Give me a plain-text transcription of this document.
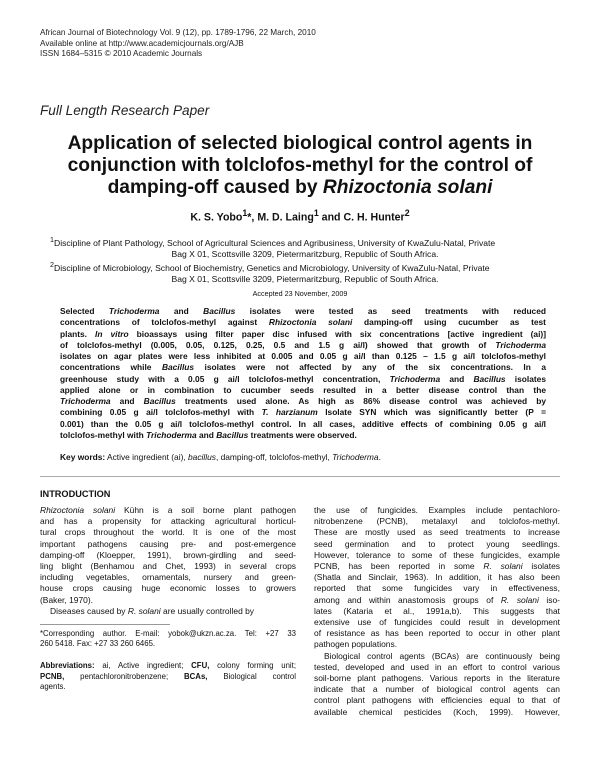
African Journal of Biotechnology Vol. 9 (12), pp. 1789-1796, 22 March, 2010
Available online at http://www.academicjournals.org/AJB
ISSN 1684–5315 © 2010 Academic Journals
Full Length Research Paper
Application of selected biological control agents in
conjunction with tolclofos-methyl for the control of
damping-off caused by Rhizoctonia solani
K. S. Yobo$^1$*, M. D. Laing$^1$ and C. H. Hunter$^2$
$^1$Discipline of Plant Pathology, School of Agricultural Sciences and Agribusiness, University of KwaZulu-Natal, Private
Bag X 01, Scottsville 3209, Pietermaritzburg, Republic of South Africa.
$^2$Discipline of Microbiology, School of Biochemistry, Genetics and Microbiology, University of KwaZulu-Natal, Private
Bag X 01, Scottsville 3209, Pietermaritzburg, Republic of South Africa.
Accepted 23 November, 2009
Selected Trichoderma and Bacillus isolates were tested as seed treatments with reduced
concentrations of tolclofos-methyl against Rhizoctonia solani damping-off using cucumber as test
plants. In vitro bioassays using filter paper disc infused with six concentrations [active ingredient (ai)]
of tolclofos-methyl (0.005, 0.05, 0.125, 0.25, 0.5 and 1.5 g ai/l) showed that growth of Trichoderma
isolates on agar plates were less inhibited at 0.005 and 0.05 g ai/l than 0.125 – 1.5 g ai/l tolclofos-methyl
concentrations while Bacillus isolates were not affected by any of the six concentrations. In a
greenhouse study with a 0.05 g ai/l tolclofos-methyl concentration, Trichoderma and Bacillus isolates
applied alone or in combination to cucumber seeds resulted in a better disease control than the
Trichoderma and Bacillus treatments used alone. As high as 86% disease control was achieved by
combining 0.05 g ai/l tolclofos-methyl with T. harzianum Isolate SYN which was significantly better (P =
0.001) than the 0.05 g ai/l tolclofos-methyl control. In all cases, additive effects of combining 0.05 g ai/l
tolclofos-methyl with Trichoderma and Bacillus treatments were observed.
Key words: Active ingredient (ai), bacillus, damping-off, tolclofos-methyl, Trichoderma.
INTRODUCTION
Rhizoctonia solani Kühn is a soil borne plant pathogen
and has a propensity for attacking agricultural horticul-
tural crops throughout the world. It is one of the most
important pathogens causing pre- and post-emergence
damping-off (Kloepper, 1991), brown-girdling and seed-
ling blight (Benhamou and Chet, 1993) in several crops
including vegetables, ornamentals, nursery and green-
house crops causing huge economic losses to growers
(Baker, 1970).
Diseases caused by R. solani are usually controlled by
*Corresponding author. E-mail: yobok@ukzn.ac.za. Tel: +27 33
260 5418. Fax: +27 33 260 6465.
Abbreviations: ai, Active ingredient; CFU, colony forming unit;
PCNB, pentachloronitrobenzene; BCAs, Biological control
agents.
the use of fungicides. Examples include pentachloro-
nitrobenzene (PCNB), metalaxyl and tolclofos-methyl.
These are mostly used as seed treatments to increase
seed germination and to protect young seedlings.
However, tolerance to some of these fungicides, example
PCNB, has been reported in some R. solani isolates
(Shatla and Sinclair, 1963). In addition, it has also been
reported that some fungicides vary in effectiveness,
among and within anastomosis groups of R. solani iso-
lates (Kataria et al., 1991a,b). This suggests that
extensive use of fungicides could result in development
of resistance as has been reported to occur in other plant
pathogen populations.
Biological control agents (BCAs) are continuously being
tested, developed and used in an effort to control various
soil-borne plant pathogens. Various reports in the literature
indicate that a number of biological control agents can
control plant pathogens with efficiencies equal to that of
available chemical pesticides (Koch, 1999). However,
